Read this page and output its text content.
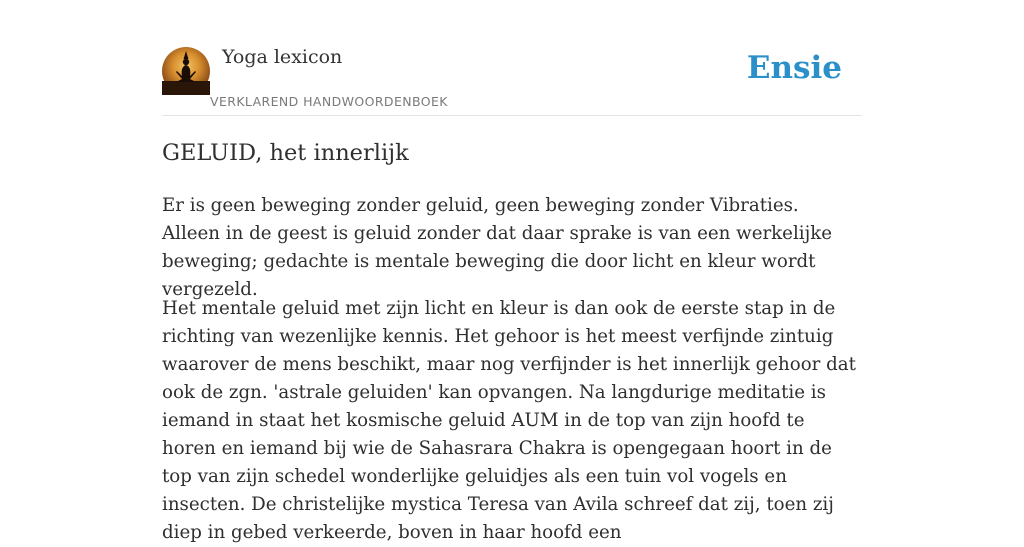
Yoga lexicon
VERKLAREND HANDWOORDENBOEK
Ensie
GELUID, het innerlijk

Er is geen beweging zonder geluid, geen beweging zonder Vibraties. Alleen in de geest is geluid zonder dat daar sprake is van een werkelijke beweging; gedachte is mentale beweging die door licht en kleur wordt vergezeld.

Het mentale geluid met zijn licht en kleur is dan ook de eerste stap in de richting van wezenlijke kennis. Het gehoor is het meest verfijnde zintuig waarover de mens beschikt, maar nog verfijnder is het innerlijk gehoor dat ook de zgn. 'astrale geluiden' kan opvangen. Na langdurige meditatie is iemand in staat het kosmische geluid AUM in de top van zijn hoofd te horen en iemand bij wie de Sahasrara Chakra is opengegaan hoort in de top van zijn schedel wonderlijke geluidjes als een tuin vol vogels en insecten. De christelijke mystica Teresa van Avila schreef dat zij, toen zij diep in gebed verkeerde, boven in haar hoofd een
